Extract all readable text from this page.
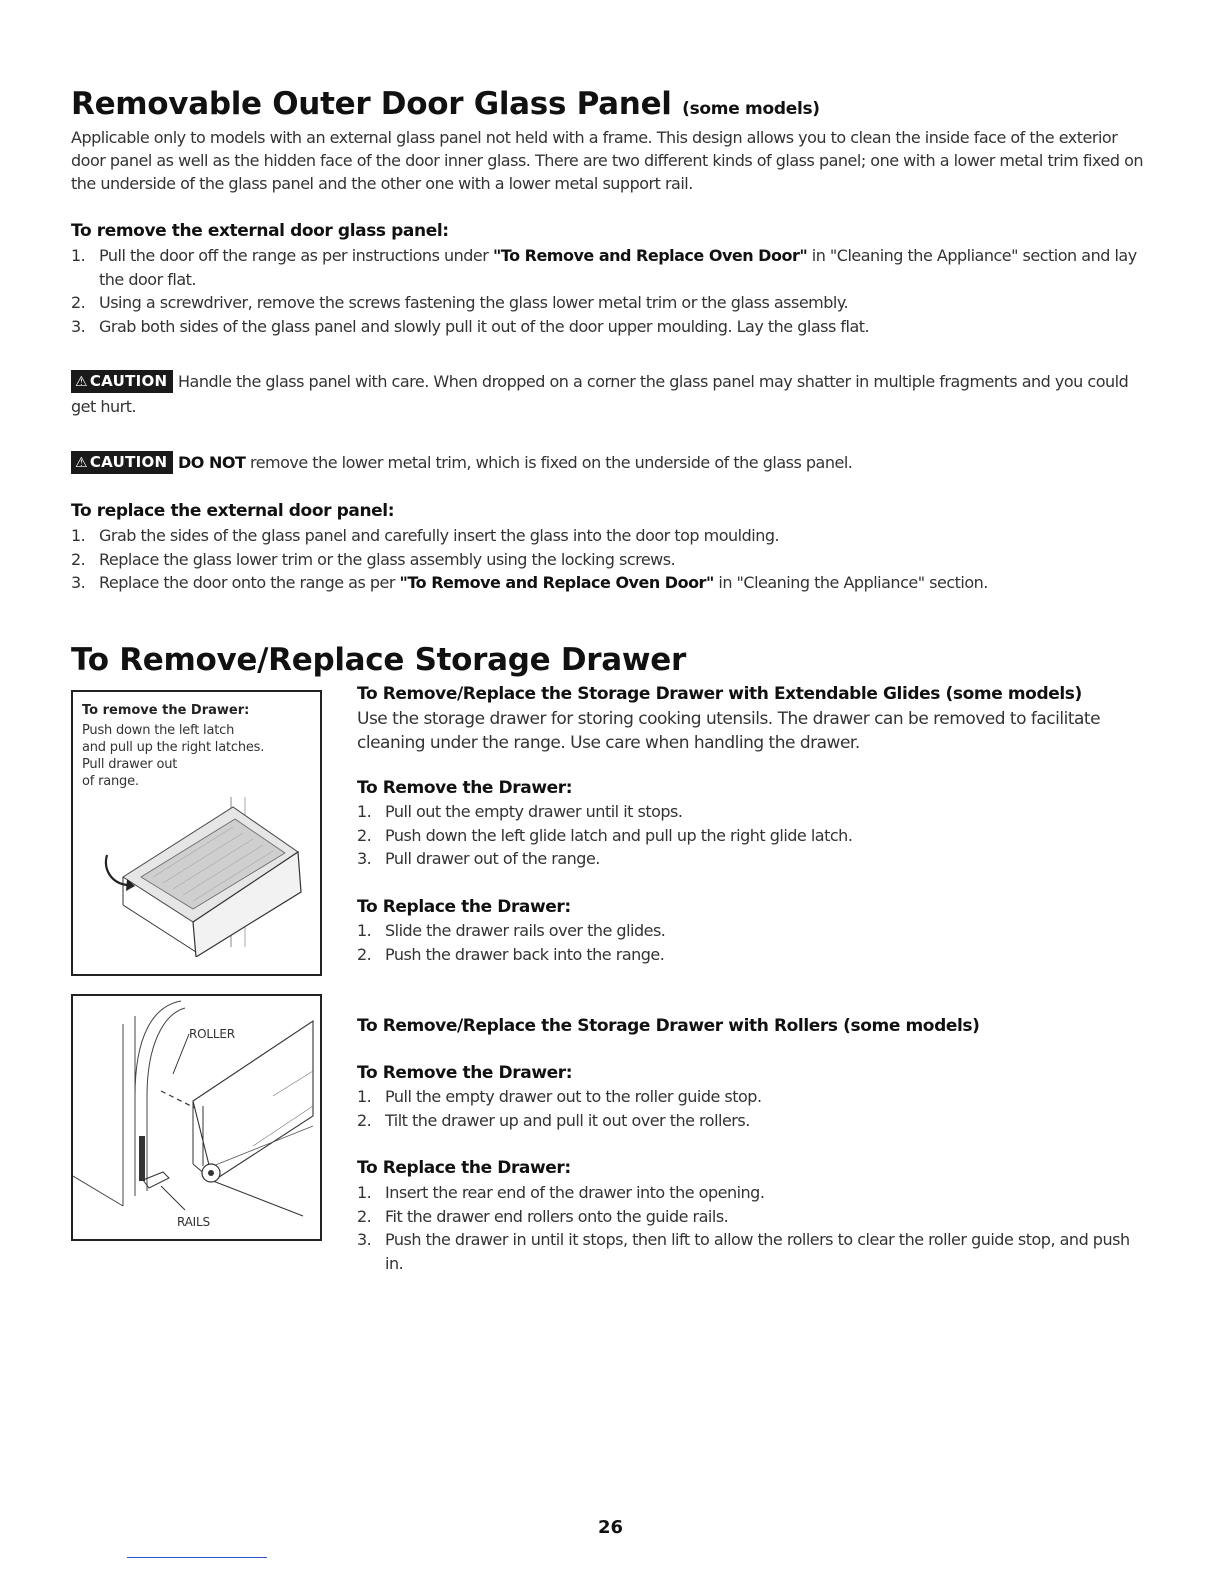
Removable Outer Door Glass Panel (some models)
Applicable only to models with an external glass panel not held with a frame. This design allows you to clean the inside face of the exterior door panel as well as the hidden face of the door inner glass. There are two different kinds of glass panel; one with a lower metal trim fixed on the underside of the glass panel and the other one with a lower metal support rail.
To remove the external door glass panel:
1. Pull the door off the range as per instructions under "To Remove and Replace Oven Door" in "Cleaning the Appliance" section and lay the door flat.
2. Using a screwdriver, remove the screws fastening the glass lower metal trim or the glass assembly.
3. Grab both sides of the glass panel and slowly pull it out of the door upper moulding. Lay the glass flat.
⚠ CAUTION Handle the glass panel with care. When dropped on a corner the glass panel may shatter in multiple fragments and you could get hurt.
⚠ CAUTION DO NOT remove the lower metal trim, which is fixed on the underside of the glass panel.
To replace the external door panel:
1. Grab the sides of the glass panel and carefully insert the glass into the door top moulding.
2. Replace the glass lower trim or the glass assembly using the locking screws.
3. Replace the door onto the range as per "To Remove and Replace Oven Door" in "Cleaning the Appliance" section.
To Remove/Replace Storage Drawer
To remove the Drawer:
Push down the left latch
and pull up the right latches.
Pull drawer out
of range.
ROLLER
RAILS
To Remove/Replace the Storage Drawer with Extendable Glides (some models)
Use the storage drawer for storing cooking utensils. The drawer can be removed to facilitate cleaning under the range. Use care when handling the drawer.
To Remove the Drawer:
1. Pull out the empty drawer until it stops.
2. Push down the left glide latch and pull up the right glide latch.
3. Pull drawer out of the range.
To Replace the Drawer:
1. Slide the drawer rails over the glides.
2. Push the drawer back into the range.
To Remove/Replace the Storage Drawer with Rollers (some models)
To Remove the Drawer:
1. Pull the empty drawer out to the roller guide stop.
2. Tilt the drawer up and pull it out over the rollers.
To Replace the Drawer:
1. Insert the rear end of the drawer into the opening.
2. Fit the drawer end rollers onto the guide rails.
3. Push the drawer in until it stops, then lift to allow the rollers to clear the roller guide stop, and push in.
26
